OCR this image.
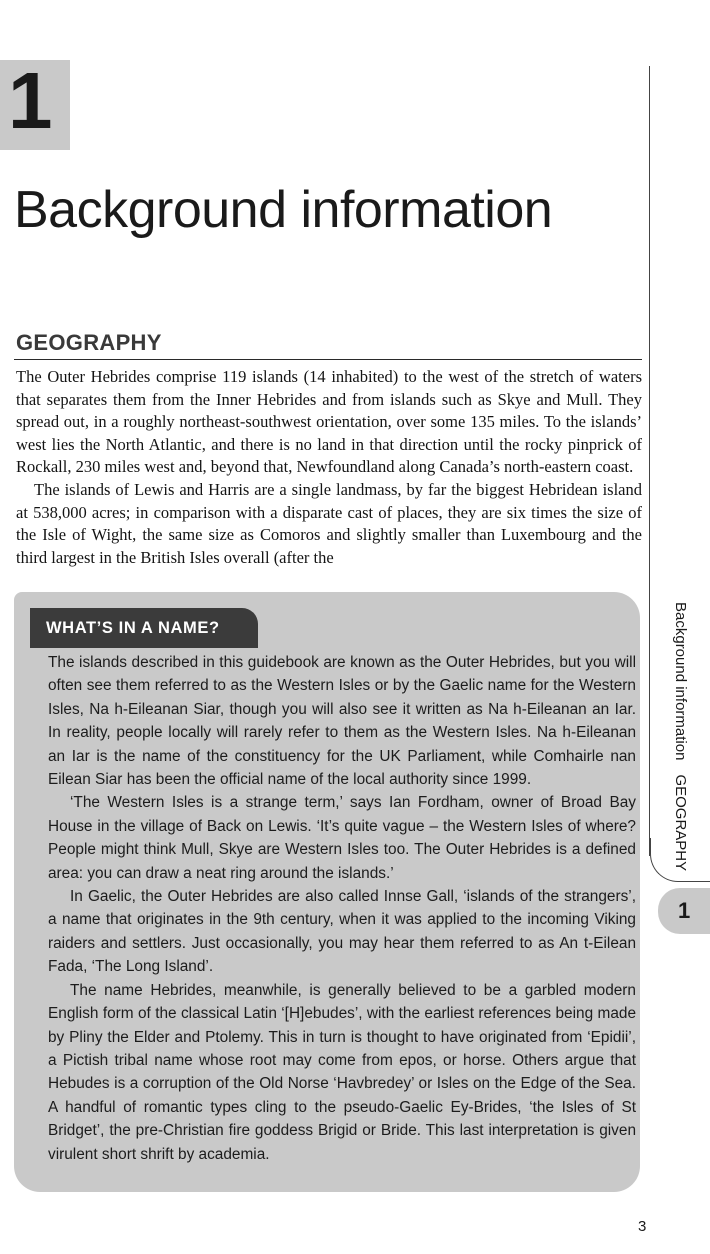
1
Background information
GEOGRAPHY

The Outer Hebrides comprise 119 islands (14 inhabited) to the west of the stretch of waters that separates them from the Inner Hebrides and from islands such as Skye and Mull. They spread out, in a roughly northeast-southwest orientation, over some 135 miles. To the islands’ west lies the North Atlantic, and there is no land in that direction until the rocky pinprick of Rockall, 230 miles west and, beyond that, Newfoundland along Canada’s north-eastern coast.

The islands of Lewis and Harris are a single landmass, by far the biggest Hebridean island at 538,000 acres; in comparison with a disparate cast of places, they are six times the size of the Isle of Wight, the same size as Comoros and slightly smaller than Luxembourg and the third largest in the British Isles overall (after the

WHAT’S IN A NAME?

The islands described in this guidebook are known as the Outer Hebrides, but you will often see them referred to as the Western Isles or by the Gaelic name for the Western Isles, Na h-Eileanan Siar, though you will also see it written as Na h-Eileanan an Iar. In reality, people locally will rarely refer to them as the Western Isles. Na h-Eileanan an Iar is the name of the constituency for the UK Parliament, while Comhairle nan Eilean Siar has been the official name of the local authority since 1999.

‘The Western Isles is a strange term,’ says Ian Fordham, owner of Broad Bay House in the village of Back on Lewis. ‘It’s quite vague – the Western Isles of where? People might think Mull, Skye are Western Isles too. The Outer Hebrides is a defined area: you can draw a neat ring around the islands.’

In Gaelic, the Outer Hebrides are also called Innse Gall, ‘islands of the strangers’, a name that originates in the 9th century, when it was applied to the incoming Viking raiders and settlers. Just occasionally, you may hear them referred to as An t-Eilean Fada, ‘The Long Island’.

The name Hebrides, meanwhile, is generally believed to be a garbled modern English form of the classical Latin ‘[H]ebudes’, with the earliest references being made by Pliny the Elder and Ptolemy. This in turn is thought to have originated from ‘Epidii’, a Pictish tribal name whose root may come from epos, or horse. Others argue that Hebudes is a corruption of the Old Norse ‘Havbredey’ or Isles on the Edge of the Sea. A handful of romantic types cling to the pseudo-Gaelic Ey-Brides, ‘the Isles of St Bridget’, the pre-Christian fire goddess Brigid or Bride. This last interpretation is given virulent short shrift by academia.

Background informationGEOGRAPHY
1
3
